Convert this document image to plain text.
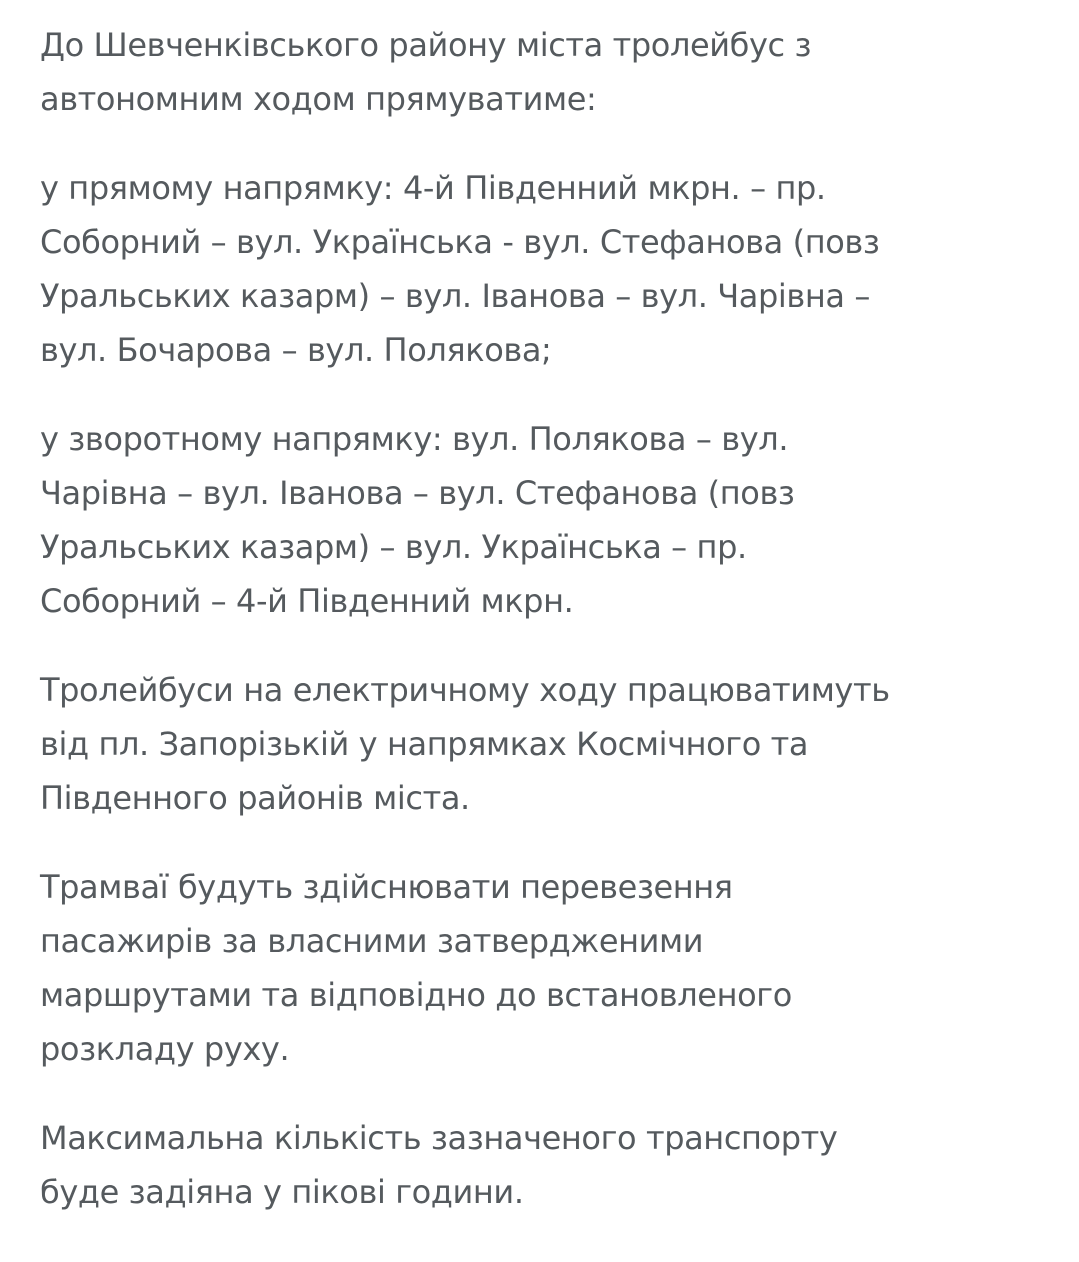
До Шевченківського району міста тролейбус з
автономним ходом прямуватиме:

у прямому напрямку: 4-й Південний мкрн. – пр.
Соборний – вул. Українська - вул. Стефанова (повз
Уральських казарм) – вул. Іванова – вул. Чарівна –
вул. Бочарова – вул. Полякова;

у зворотному напрямку: вул. Полякова – вул.
Чарівна – вул. Іванова – вул. Стефанова (повз
Уральських казарм) – вул. Українська – пр.
Соборний – 4-й Південний мкрн.

Тролейбуси на електричному ходу працюватимуть
від пл. Запорізькій у напрямках Космічного та
Південного районів міста.

Трамваї будуть здійснювати перевезення
пасажирів за власними затвердженими
маршрутами та відповідно до встановленого
розкладу руху.

Максимальна кількість зазначеного транспорту
буде задіяна у пікові години.
